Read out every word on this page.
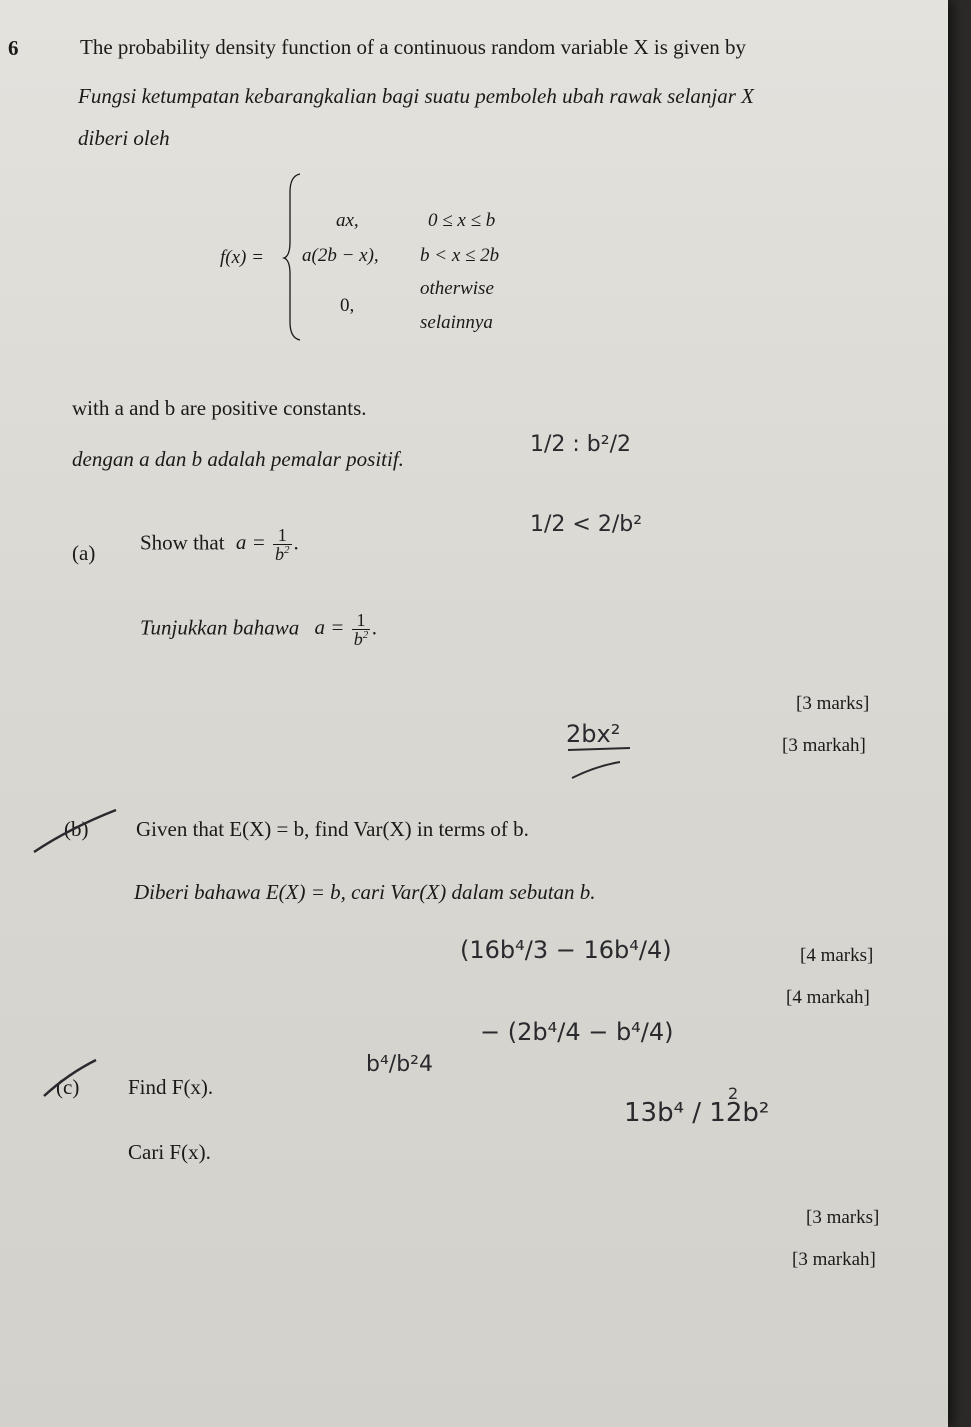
6	The probability density function of a continuous random variable X is given by
Fungsi ketumpatan kebarangkalian bagi suatu pemboleh ubah rawak selanjar X
diberi oleh
f(x) =
ax,	0 ≤ x ≤ b
a(2b − x), b < x ≤ 2b
0,
otherwise
selainnya
with a and b are positive constants.
dengan a dan b adalah pemalar positif.
(a) Show that $a = \frac{1}{b^2}$ .
Tunjukkan bahawa $a = \frac{1}{b^2}$ .
[3 marks]
[3 markah]
(b) Given that E(X) = b, find Var(X) in terms of b.
Diberi bahawa E(X) = b, cari Var(X) dalam sebutan b.
[4 marks]
[4 markah]
(c) Find F(x).
Cari F(x).
[3 marks]
[3 markah]
1/2 : b²/2
1/2 < 2/b²
2bx²
(16b⁴/3 − 16b⁴/4)
− (2b⁴/4 − b⁴/4)
b⁴/b²4
13b⁴ / 12b²
2
